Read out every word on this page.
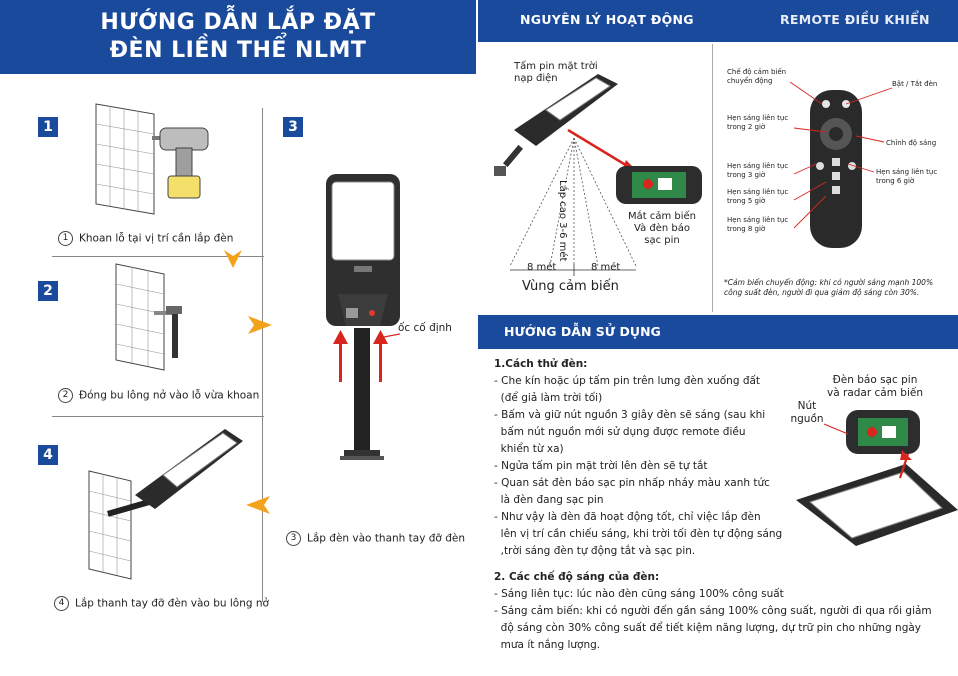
HƯỚNG DẪN LẮP ĐẶT
ĐÈN LIỀN THỂ NLMT
1
2
3
4
1 Khoan lỗ tại vị trí cần lắp đèn
2 Đóng bu lông nở vào lỗ vừa khoan
4 Lắp thanh tay đỡ đèn vào bu lông nở
ốc cố định
3 Lắp đèn vào thanh tay đỡ đèn
NGUYÊN LÝ HOẠT ĐỘNG	REMOTE ĐIỀU KHIỂN
Tấm pin mặt trời
nạp điện
Lắp cao 3-6 mét
8 mét	8 mét
Vùng cảm biến
Mắt cảm biến
Và đèn báo
sạc pin
Chế độ cảm biến
chuyển động	Bật / Tắt đèn
Hẹn sáng liên tục
trong 2 giờ
Chỉnh độ sáng
Hẹn sáng liên tục
trong 3 giờ	Hẹn sáng liên tục
trong 6 giờ
Hẹn sáng liên tục
trong 5 giờ
Hẹn sáng liên tục
trong 8 giờ
*Cảm biến chuyển động: khi có người sáng mạnh 100%
công suất đèn, người đi qua giảm độ sáng còn 30%.
HƯỚNG DẪN SỬ DỤNG
1.Cách thử đèn:
- Che kín hoặc úp tấm pin trên lưng đèn xuống đất
(để giả làm trời tối)
- Bấm và giữ nút nguồn 3 giây đèn sẽ sáng (sau khi
bấm nút nguồn mới sử dụng được remote điều
khiển từ xa)
- Ngửa tấm pin mặt trời lên đèn sẽ tự tắt
- Quan sát đèn báo sạc pin nhấp nháy màu xanh tức
là đèn đang sạc pin
- Như vậy là đèn đã hoạt động tốt, chỉ việc lắp đèn
lên vị trí cần chiếu sáng, khi trời tối đèn tự động sáng
,trời sáng đèn tự động tắt và sạc pin.
2. Các chế độ sáng của đèn:
- Sáng liên tục: lúc nào đèn cũng sáng 100% công suất
- Sáng cảm biến: khi có người đến gần sáng 100% công suất, người đi qua rồi giảm
độ sáng còn 30% công suất để tiết kiệm năng lượng, dự trữ pin cho những ngày
mưa ít nắng lượng.
Đèn báo sạc pin
và radar cảm biến
Nút
nguồn
